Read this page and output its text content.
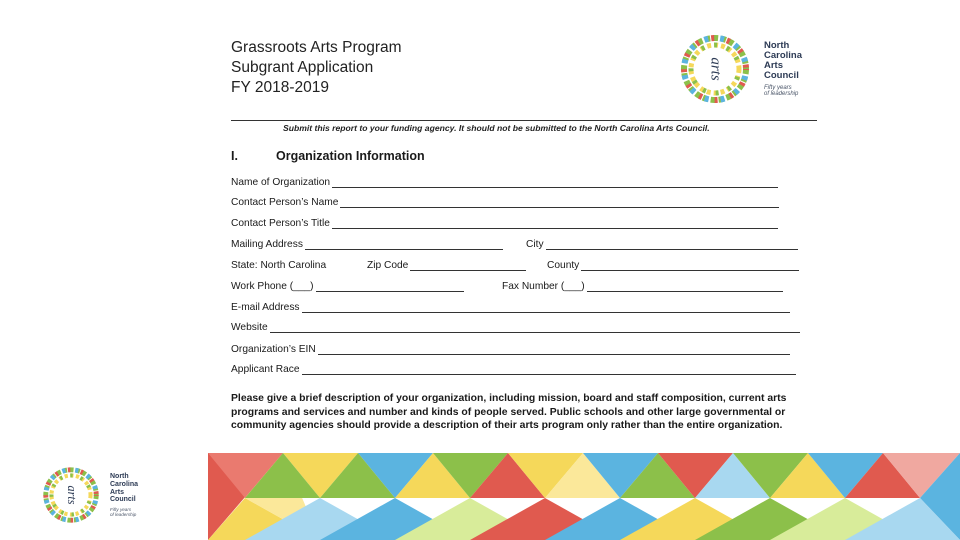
Grassroots Arts Program
Subgrant Application
FY 2018-2019
arts
North
Carolina
Arts
Council
Fifty years
of leadership
Submit this report to your funding agency. It should not be submitted to the North Carolina Arts Council.
I.	Organization Information
Name of Organization
Contact Person’s Name
Contact Person’s Title
Mailing Address	City
State: North Carolina	Zip Code	County
Work Phone (___)	Fax Number (___)
E-mail Address
Website
Organization’s EIN
Applicant Race
Please give a brief description of your organization, including mission, board and staff composition, current arts programs and services and number and kinds of people served. Public schools and other large governmental or community agencies should provide a description of their arts program only rather than the entire organization.
arts
North
Carolina
Arts
Council
Fifty years
of leadership
